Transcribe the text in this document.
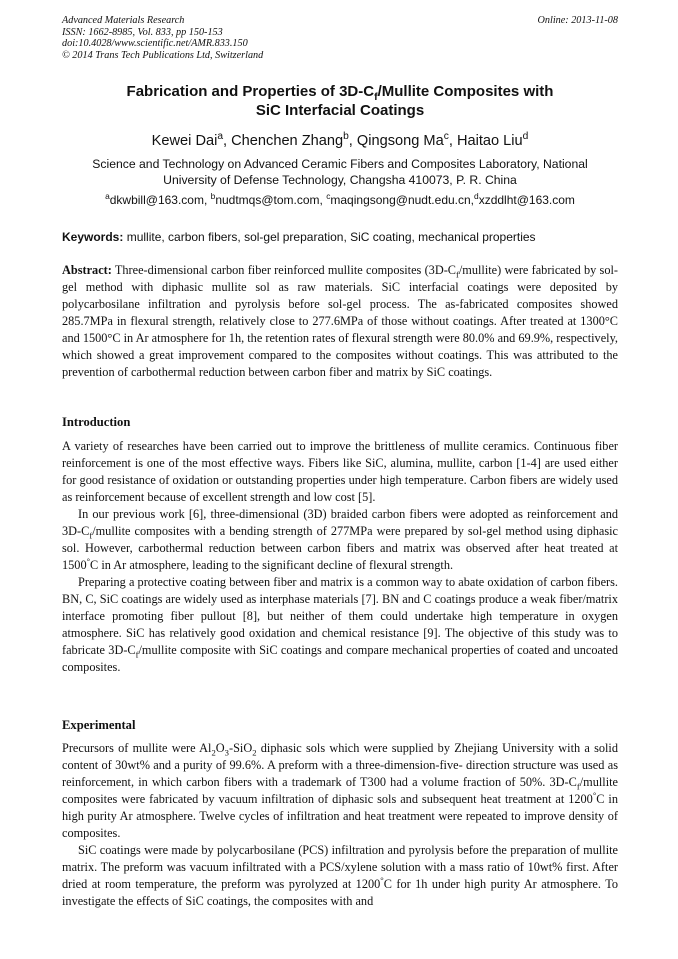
Advanced Materials Research
ISSN: 1662-8985, Vol. 833, pp 150-153
doi:10.4028/www.scientific.net/AMR.833.150
© 2014 Trans Tech Publications Ltd, Switzerland
Online: 2013-11-08
Fabrication and Properties of $3D-C_f$/Mullite Composites with
SiC Interfacial Coatings
Kewei Dai$^a$, Chenchen Zhang$^b$, Qingsong Ma$^c$, Haitao Liu$^d$
Science and Technology on Advanced Ceramic Fibers and Composites Laboratory, National
University of Defense Technology, Changsha 410073, P. R. China
$^a$dkwbill@163.com, $^b$nudtmqs@tom.com, $^c$maqingsong@nudt.edu.cn,$^d$xzddlht@163.com
Keywords: mullite, carbon fibers, sol-gel preparation, SiC coating, mechanical properties

Abstract: Three-dimensional carbon fiber reinforced mullite composites $(3D-C_f/mullite)$ were fabricated by sol-gel method with diphasic mullite sol as raw materials. SiC interfacial coatings were deposited by polycarbosilane infiltration and pyrolysis before sol-gel process. The as-fabricated composites showed 285.7MPa in flexural strength, relatively close to 277.6MPa of those without coatings. After treated at 1300°C and 1500°C in Ar atmosphere for 1h, the retention rates of flexural strength were 80.0% and 69.9%, respectively, which showed a great improvement compared to the composites without coatings. This was attributed to the prevention of carbothermal reduction between carbon fiber and matrix by SiC coatings.

Introduction

A variety of researches have been carried out to improve the brittleness of mullite ceramics. Continuous fiber reinforcement is one of the most effective ways. Fibers like SiC, alumina, mullite, carbon [1-4] are used either for good resistance of oxidation or outstanding properties under high temperature. Carbon fibers are widely used as reinforcement because of excellent strength and low cost [5].

In our previous work [6], three-dimensional (3D) braided carbon fibers were adopted as reinforcement and $3D-C_f$/mullite composites with a bending strength of 277MPa were prepared by sol-gel method using diphasic sol. However, carbothermal reduction between carbon fibers and matrix was observed after heat treated at 1500°C in Ar atmosphere, leading to the significant decline of flexural strength.

Preparing a protective coating between fiber and matrix is a common way to abate oxidation of carbon fibers. BN, C, SiC coatings are widely used as interphase materials [7]. BN and C coatings produce a weak fiber/matrix interface promoting fiber pullout [8], but neither of them could undertake high temperature in oxygen atmosphere. SiC has relatively good oxidation and chemical resistance [9]. The objective of this study was to fabricate $3D-C_f$/mullite composite with SiC coatings and compare mechanical properties of coated and uncoated composites.

Experimental

Precursors of mullite were $Al_2O_3-SiO_2$ diphasic sols which were supplied by Zhejiang University with a solid content of 30wt% and a purity of 99.6%. A preform with a three-dimension-five- direction structure was used as reinforcement, in which carbon fibers with a trademark of T300 had a volume fraction of 50%. $3D-C_f$/mullite composites were fabricated by vacuum infiltration of diphasic sols and subsequent heat treatment at 1200°C in high purity Ar atmosphere. Twelve cycles of infiltration and heat treatment were repeated to improve density of composites.

SiC coatings were made by polycarbosilane (PCS) infiltration and pyrolysis before the preparation of mullite matrix. The preform was vacuum infiltrated with a PCS/xylene solution with a mass ratio of 10wt% first. After dried at room temperature, the preform was pyrolyzed at 1200°C for 1h under high purity Ar atmosphere. To investigate the effects of SiC coatings, the composites with and
